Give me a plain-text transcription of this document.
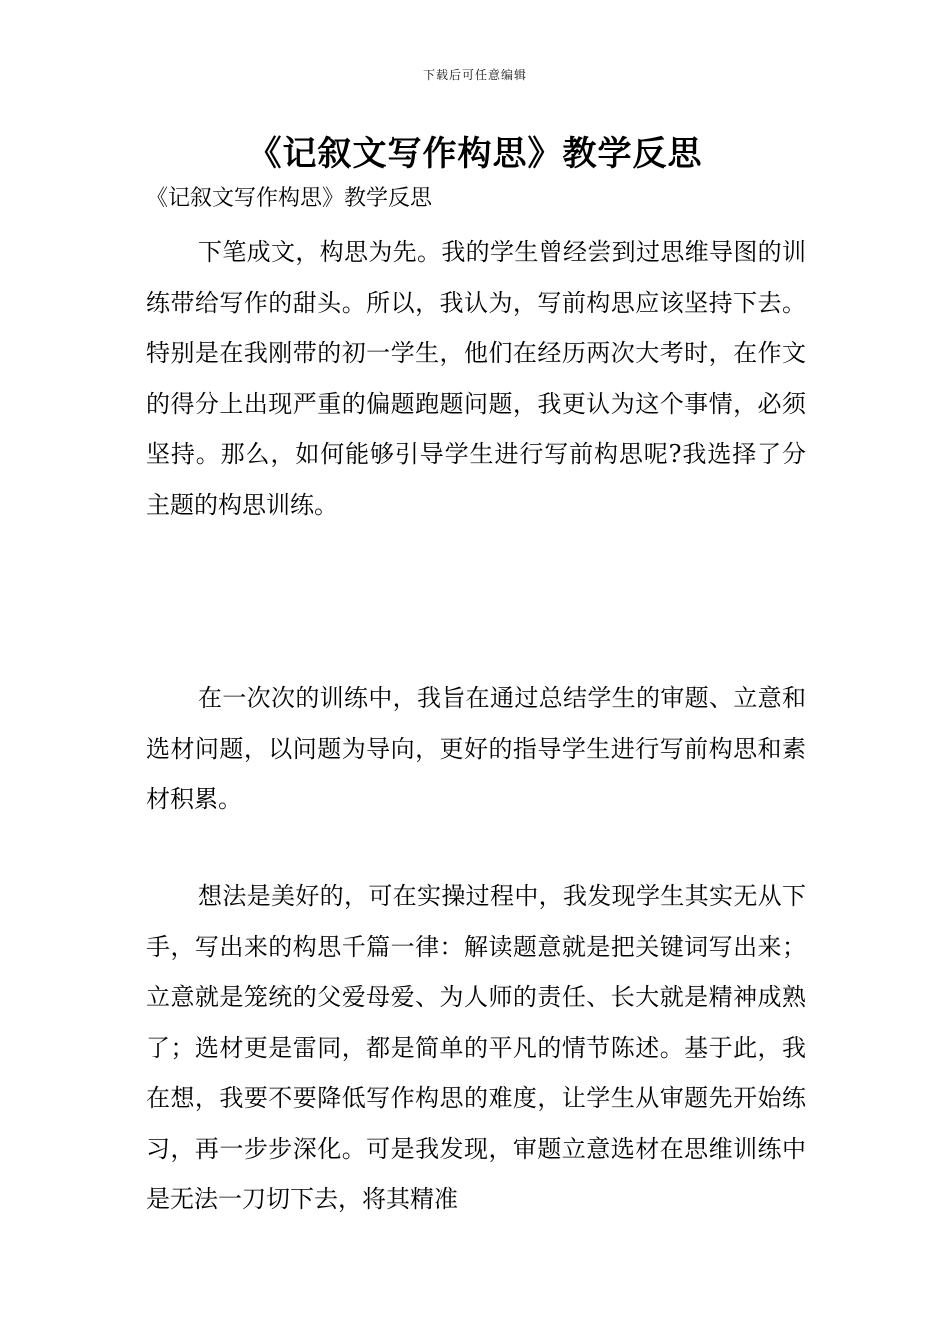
下载后可任意编辑
《记叙文写作构思》教学反思

《记叙文写作构思》教学反思

下笔成文，构思为先。我的学生曾经尝到过思维导图的训练带给写作的甜头。所以，我认为，写前构思应该坚持下去。特别是在我刚带的初一学生，他们在经历两次大考时，在作文的得分上出现严重的偏题跑题问题，我更认为这个事情，必须坚持。那么，如何能够引导学生进行写前构思呢?我选择了分主题的构思训练。

在一次次的训练中，我旨在通过总结学生的审题、立意和选材问题，以问题为导向，更好的指导学生进行写前构思和素材积累。

想法是美好的，可在实操过程中，我发现学生其实无从下手，写出来的构思千篇一律：解读题意就是把关键词写出来；立意就是笼统的父爱母爱、为人师的责任、长大就是精神成熟了；选材更是雷同，都是简单的平凡的情节陈述。基于此，我在想，我要不要降低写作构思的难度，让学生从审题先开始练习，再一步步深化。可是我发现，审题立意选材在思维训练中是无法一刀切下去，将其精准
